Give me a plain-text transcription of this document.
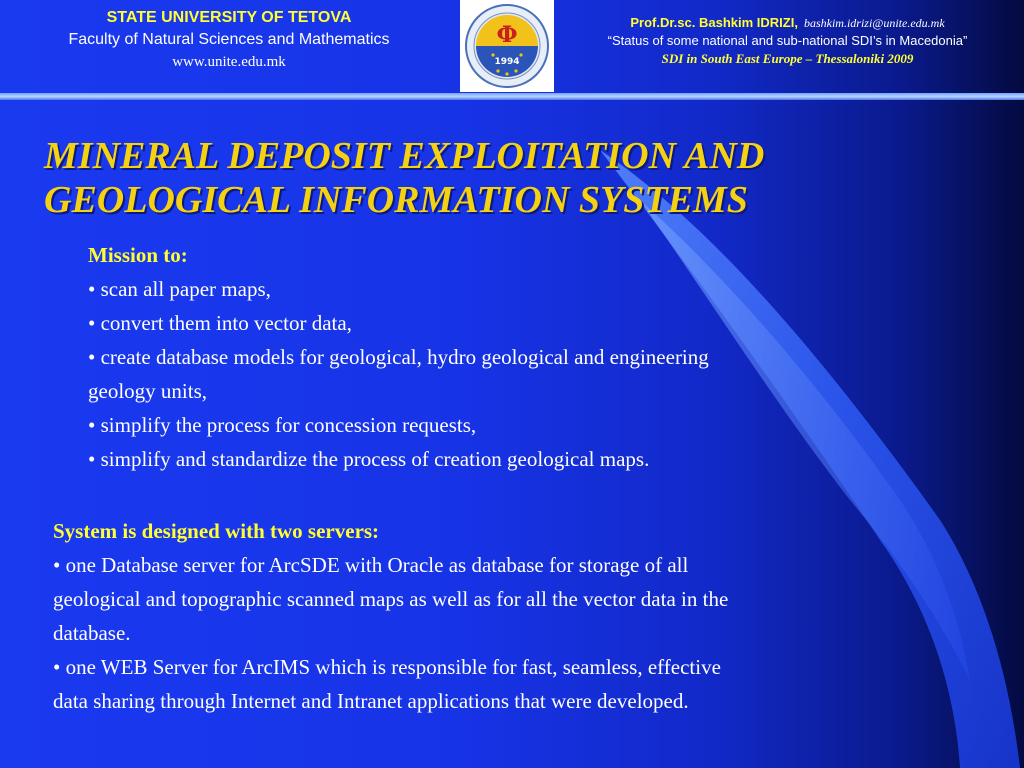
STATE UNIVERSITY OF TETOVA
Faculty of Natural Sciences and Mathematics
www.unite.edu.mk
Ф
1994
Prof.Dr.sc. Bashkim IDRIZI, bashkim.idrizi@unite.edu.mk
“Status of some national and sub-national SDI’s in Macedonia”
SDI in South East Europe – Thessaloniki 2009
MINERAL DEPOSIT EXPLOITATION AND
GEOLOGICAL INFORMATION SYSTEMS
Mission to:
• scan all paper maps,
• convert them into vector data,
• create database models for geological, hydro geological and engineering
geology units,
• simplify the process for concession requests,
• simplify and standardize the process of creation geological maps.
System is designed with two servers:
• one Database server for ArcSDE with Oracle as database for storage of all
geological and topographic scanned maps as well as for all the vector data in the
database.
• one WEB Server for ArcIMS which is responsible for fast, seamless, effective
data sharing through Internet and Intranet applications that were developed.
